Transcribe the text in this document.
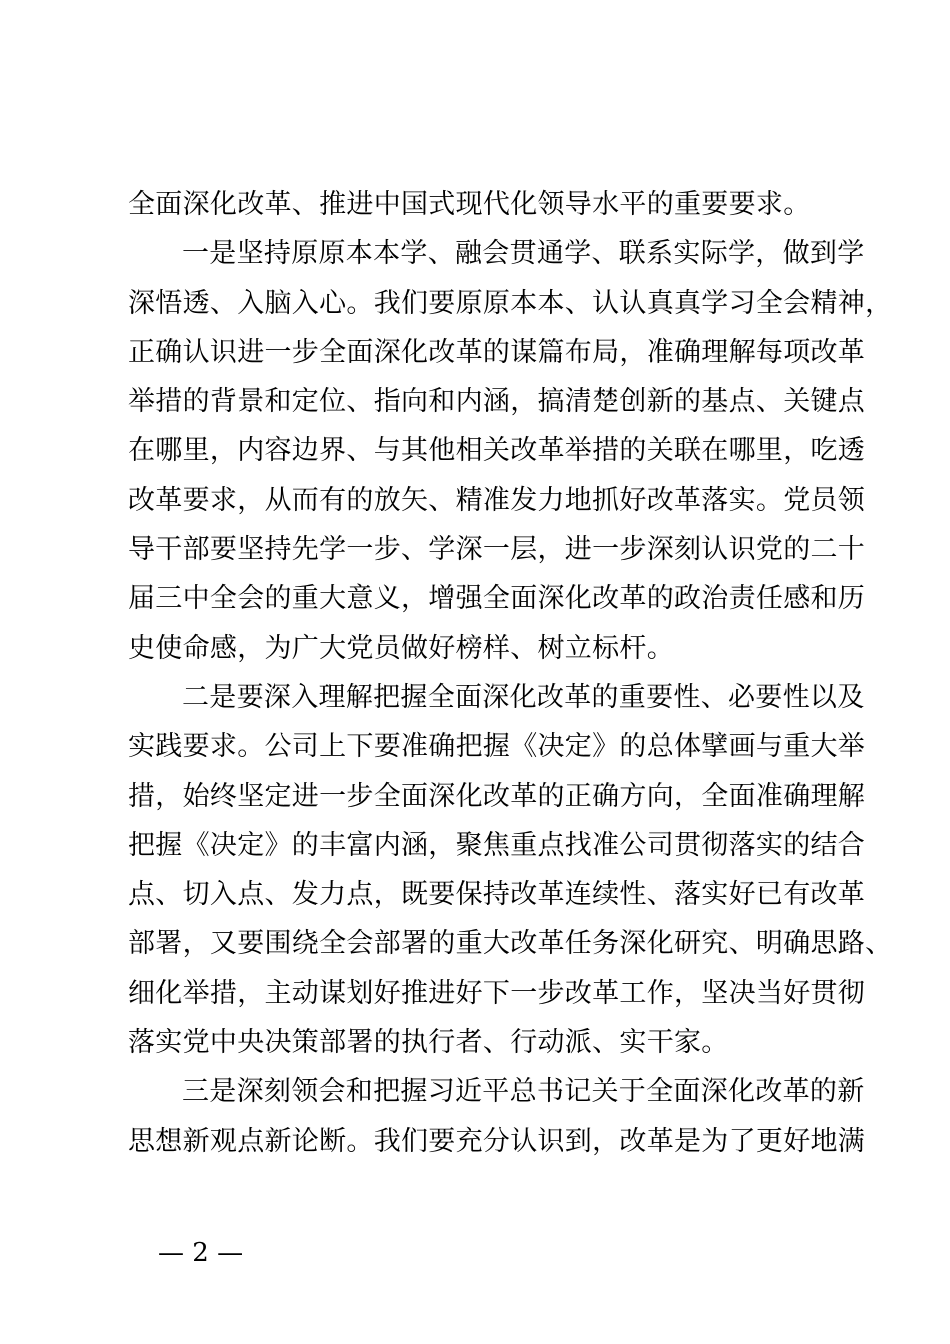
全面深化改革、推进中国式现代化领导水平的重要要求。
一是坚持原原本本学、融会贯通学、联系实际学，做到学
深悟透、入脑入心。我们要原原本本、认认真真学习全会精神，
正确认识进一步全面深化改革的谋篇布局，准确理解每项改革
举措的背景和定位、指向和内涵，搞清楚创新的基点、关键点
在哪里，内容边界、与其他相关改革举措的关联在哪里，吃透
改革要求，从而有的放矢、精准发力地抓好改革落实。党员领
导干部要坚持先学一步、学深一层，进一步深刻认识党的二十
届三中全会的重大意义，增强全面深化改革的政治责任感和历
史使命感，为广大党员做好榜样、树立标杆。
二是要深入理解把握全面深化改革的重要性、必要性以及
实践要求。公司上下要准确把握《决定》的总体擘画与重大举
措，始终坚定进一步全面深化改革的正确方向，全面准确理解
把握《决定》的丰富内涵，聚焦重点找准公司贯彻落实的结合
点、切入点、发力点，既要保持改革连续性、落实好已有改革
部署，又要围绕全会部署的重大改革任务深化研究、明确思路、
细化举措，主动谋划好推进好下一步改革工作，坚决当好贯彻
落实党中央决策部署的执行者、行动派、实干家。
三是深刻领会和把握习近平总书记关于全面深化改革的新
思想新观点新论断。我们要充分认识到，改革是为了更好地满
— 2 —
